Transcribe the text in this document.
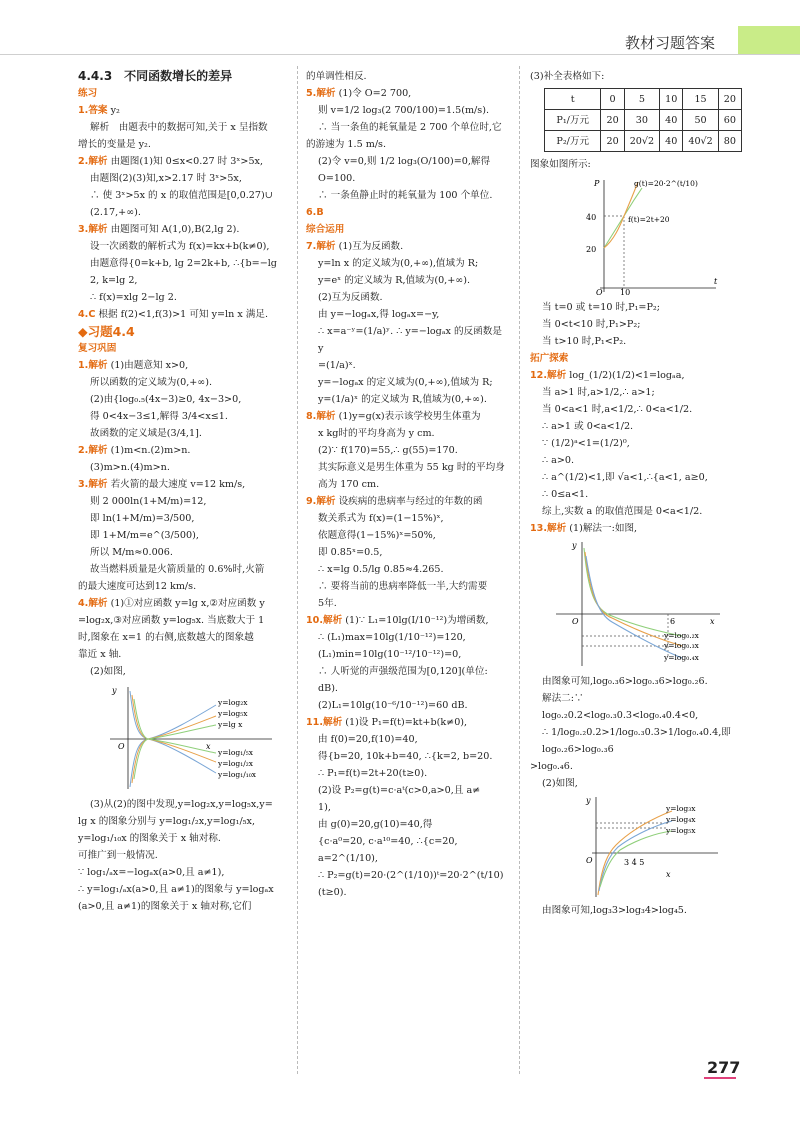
教材习题答案

4.4.3　不同函数增长的差异

练习

1.答案 y₂

解析　由题表中的数据可知,关于 x 呈指数

增长的变量是 y₂.

2.解析 由题图(1)知 0≤x<0.27 时 3ˣ>5x,

由题图(2)(3)知,x>2.17 时 3ˣ>5x,

∴ 使 3ˣ>5x 的 x 的取值范围是[0,0.27)∪

(2.17,+∞).

3.解析 由题图可知 A(1,0),B(2,lg 2).

设一次函数的解析式为 f(x)=kx+b(k≠0),

由题意得{0=k+b, lg 2=2k+b, ∴{b=−lg 2, k=lg 2,

∴ f(x)=xlg 2−lg 2.

4.C 根据 f(2)<1,f(3)>1 可知 y=ln x 满足.

◆习题4.4

复习巩固

1.解析 (1)由题意知 x>0,

所以函数的定义域为(0,+∞).

(2)由{log₀.₅(4x−3)≥0, 4x−3>0,

得 0<4x−3≤1,解得 3/4<x≤1.

故函数的定义域是(3/4,1].

2.解析 (1)m<n.(2)m>n.

(3)m>n.(4)m>n.

3.解析 若火箭的最大速度 v=12 km/s,

则 2 000ln(1+M/m)=12,

即 ln(1+M/m)=3/500,

即 1+M/m=e^(3/500),

所以 M/m≈0.006.

故当燃料质量是火箭质量的 0.6%时,火箭

的最大速度可达到12 km/s.

4.解析 (1)①对应函数 y=lg x,②对应函数 y

=log₂x,③对应函数 y=log₅x. 当底数大于 1

时,图象在 x=1 的右侧,底数越大的图象越

靠近 x 轴.

(2)如图,

y
x
O
y=log₂x
y=log₅x
y=lg x
y=log₁/₅x
y=log₁/₂x
y=log₁/₁₀x

(3)从(2)的图中发现,y=log₂x,y=log₅x,y=

lg x 的图象分别与 y=log₁/₂x,y=log₁/₅x,

y=log₁/₁₀x 的图象关于 x 轴对称.

可推广到一般情况.

∵ log₁/ₐx=−logₐx(a>0,且 a≠1),

∴ y=log₁/ₐx(a>0,且 a≠1)的图象与 y=logₐx

(a>0,且 a≠1)的图象关于 x 轴对称,它们

的单调性相反.

5.解析 (1)令 O=2 700,

则 v=1/2 log₃(2 700/100)=1.5(m/s).

∴ 当一条鱼的耗氧量是 2 700 个单位时,它

的游速为 1.5 m/s.

(2)令 v=0,则 1/2 log₃(O/100)=0,解得 O=100.

∴ 一条鱼静止时的耗氧量为 100 个单位.

6.B

综合运用

7.解析 (1)互为反函数.

y=ln x 的定义域为(0,+∞),值域为 R;

y=eˣ 的定义域为 R,值域为(0,+∞).

(2)互为反函数.

由 y=−logₐx,得 logₐx=−y,

∴ x=a⁻ʸ=(1/a)ʸ. ∴ y=−logₐx 的反函数是 y

=(1/a)ˣ.

y=−logₐx 的定义域为(0,+∞),值域为 R;

y=(1/a)ˣ 的定义域为 R,值域为(0,+∞).

8.解析 (1)y=g(x)表示该学校男生体重为

x kg时的平均身高为 y cm.

(2)∵ f(170)=55,∴ g(55)=170.

其实际意义是男生体重为 55 kg 时的平均身

高为 170 cm.

9.解析 设疾病的患病率与经过的年数的函

数关系式为 f(x)=(1−15%)ˣ,

依题意得(1−15%)ˣ=50%,

即 0.85ˣ=0.5,

∴ x=lg 0.5/lg 0.85≈4.265.

∴ 要将当前的患病率降低一半,大约需要

5年.

10.解析 (1)∵ L₁=10lg(I/10⁻¹²)为增函数,

∴ (L₁)max=10lg(1/10⁻¹²)=120,

(L₁)min=10lg(10⁻¹²/10⁻¹²)=0,

∴ 人听觉的声强级范围为[0,120](单位:

dB).

(2)L₁=10lg(10⁻⁶/10⁻¹²)=60 dB.

11.解析 (1)设 P₁=f(t)=kt+b(k≠0),

由 f(0)=20,f(10)=40,

得{b=20, 10k+b=40, ∴{k=2, b=20.

∴ P₁=f(t)=2t+20(t≥0).

(2)设 P₂=g(t)=c·aᵗ(c>0,a>0,且 a≠

1),

由 g(0)=20,g(10)=40,得

{c·a⁰=20, c·a¹⁰=40, ∴{c=20, a=2^(1/10),

∴ P₂=g(t)=20·(2^(1/10))ᵗ=20·2^(t/10)(t≥0).

(3)补全表格如下:

t	0	5	10	15	20
P₁/万元	20	30	40	50	60
P₂/万元	20	20√2	40	40√2	80

图象如图所示:

P
t
O
40
20
10
g(t)=20·2^(t/10)
f(t)=2t+20

当 t=0 或 t=10 时,P₁=P₂;

当 0<t<10 时,P₁>P₂;

当 t>10 时,P₁<P₂.

拓广探索

12.解析 log_(1/2)(1/2)<1=logₐa,

当 a>1 时,a>1/2,∴ a>1;

当 0<a<1 时,a<1/2,∴ 0<a<1/2.

∴ a>1 或 0<a<1/2.

∵ (1/2)ᵃ<1=(1/2)⁰,

∴ a>0.

∴ a^(1/2)<1,即 √a<1,∴{a<1, a≥0,

∴ 0≤a<1.

综上,实数 a 的取值范围是 0<a<1/2.

13.解析 (1)解法一:如图,

y
x
O	6
y=log₀.₂x
y=log₀.₃x
y=log₀.₄x

由图象可知,log₀.₃6>log₀.₃6>log₀.₂6.

解法二:∵ log₀.₂0.2<log₀.₃0.3<log₀.₄0.4<0,

∴ 1/log₀.₂0.2>1/log₀.₃0.3>1/log₀.₄0.4,即 log₀.₂6>log₀.₃6

>log₀.₄6.

(2)如图,

y
x
O	3 4 5
y=log₃x
y=log₄x
y=log₅x

由图象可知,log₃3>log₃4>log₄5.

277
